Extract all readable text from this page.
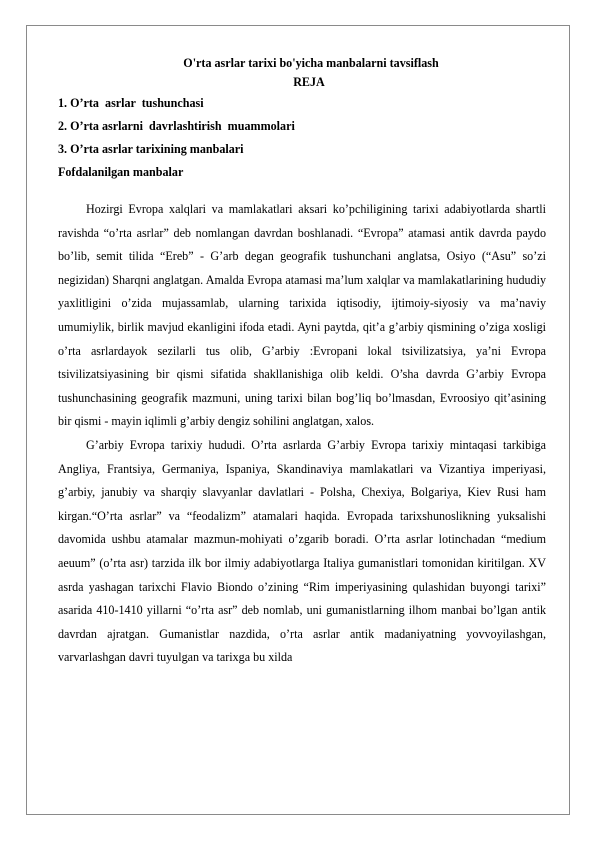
O'rta asrlar tarixi bo'yicha manbalarni tavsiflash

REJA

1. O’rta  asrlar  tushunchasi

2. O’rta asrlarni  davrlashtirish  muammolari

3. O’rta asrlar tarixining manbalari

Fofdalanilgan manbalar

Hozirgi Evropa xalqlari va mamlakatlari aksari ko’pchiligining tarixi adabiyotlarda shartli ravishda “o’rta asrlar” deb nomlangan davrdan boshlanadi. “Evropa” atamasi antik davrda paydo bo’lib, semit tilida “Ereb” - G’arb degan geografik tushunchani anglatsa, Osiyo (“Asu” so’zi negizidan) Sharqni anglatgan. Amalda Evropa atamasi ma’lum xalqlar va mamlakatlarining hududiy yaxlitligini o’zida mujassamlab, ularning tarixida iqtisodiy, ijtimoiy-siyosiy va ma’naviy umumiylik, birlik mavjud ekanligini ifoda etadi. Ayni paytda, qit’a g’arbiy qismining o’ziga xosligi o’rta asrlardayok sezilarli tus olib, G’arbiy :Evropani lokal tsivilizatsiya, ya’ni Evropa tsivilizatsiyasining bir qismi sifatida shakllanishiga olib keldi. O’sha davrda G’arbiy Evropa tushunchasining geografik mazmuni, uning tarixi bilan bog’liq bo’lmasdan, Evroosiyo qit’asining bir qismi - mayin iqlimli g’arbiy dengiz sohilini anglatgan, xalos.

G’arbiy Evropa tarixiy hududi. O’rta asrlarda G’arbiy Evropa tarixiy mintaqasi tarkibiga Angliya, Frantsiya, Germaniya, Ispaniya, Skandinaviya mamlakatlari va Vizantiya imperiyasi, g’arbiy, janubiy va sharqiy slavyanlar davlatlari - Polsha, Chexiya, Bolgariya, Kiev Rusi ham kirgan.“O’rta asrlar” va “feodalizm” atamalari haqida. Evropada tarixshunoslikning yuksalishi davomida ushbu atamalar mazmun-mohiyati o’zgarib boradi. O’rta asrlar lotinchadan “medium aeuum” (o’rta asr) tarzida ilk bor ilmiy adabiyotlarga Italiya gumanistlari tomonidan kiritilgan. XV asrda yashagan tarixchi Flavio Biondo o’zining “Rim imperiyasining qulashidan buyongi tarixi” asarida 410-1410 yillarni “o’rta asr” deb nomlab, uni gumanistlarning ilhom manbai bo’lgan antik davrdan ajratgan. Gumanistlar nazdida, o’rta asrlar antik madaniyatning yovvoyilashgan, varvarlashgan davri tuyulgan va tarixga bu xilda
